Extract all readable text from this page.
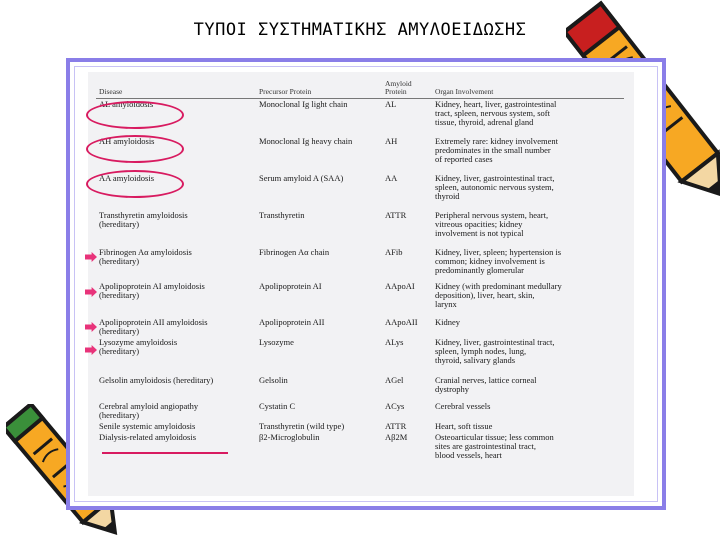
ΤΥΠΟΙ ΣΥΣΤΗΜΑΤΙΚΗΣ ΑΜΥΛΟΕΙΔΩΣΗΣ
Disease	Precursor Protein	Amyloid Protein	Organ Involvement
AL amyloidosis	Monoclonal Ig light chain	AL	Kidney, heart, liver, gastrointestinal
tract, spleen, nervous system, soft
tissue, thyroid, adrenal gland
AH amyloidosis	Monoclonal Ig heavy chain	AH	Extremely rare: kidney involvement
predominates in the small number
of reported cases
AA amyloidosis	Serum amyloid A (SAA)	AA	Kidney, liver, gastrointestinal tract,
spleen, autonomic nervous system,
thyroid
Transthyretin amyloidosis
(hereditary)	Transthyretin	ATTR	Peripheral nervous system, heart,
vitreous opacities; kidney
involvement is not typical
Fibrinogen Aα amyloidosis
(hereditary)	Fibrinogen Aα chain	AFib	Kidney, liver, spleen; hypertension is
common; kidney involvement is
predominantly glomerular
Apolipoprotein AI amyloidosis
(hereditary)	Apolipoprotein AI	AApoAI	Kidney (with predominant medullary
deposition), liver, heart, skin,
larynx
Apolipoprotein AII amyloidosis
(hereditary)	Apolipoprotein AII	AApoAII	Kidney
Lysozyme amyloidosis
(hereditary)	Lysozyme	ALys	Kidney, liver, gastrointestinal tract,
spleen, lymph nodes, lung,
thyroid, salivary glands
Gelsolin amyloidosis (hereditary)	Gelsolin	AGel	Cranial nerves, lattice corneal
dystrophy
Cerebral amyloid angiopathy
(hereditary)	Cystatin C	ACys	Cerebral vessels
Senile systemic amyloidosis	Transthyretin (wild type)	ATTR	Heart, soft tissue
Dialysis-related amyloidosis	β2-Microglobulin	Aβ2M	Osteoarticular tissue; less common
sites are gastrointestinal tract,
blood vessels, heart
